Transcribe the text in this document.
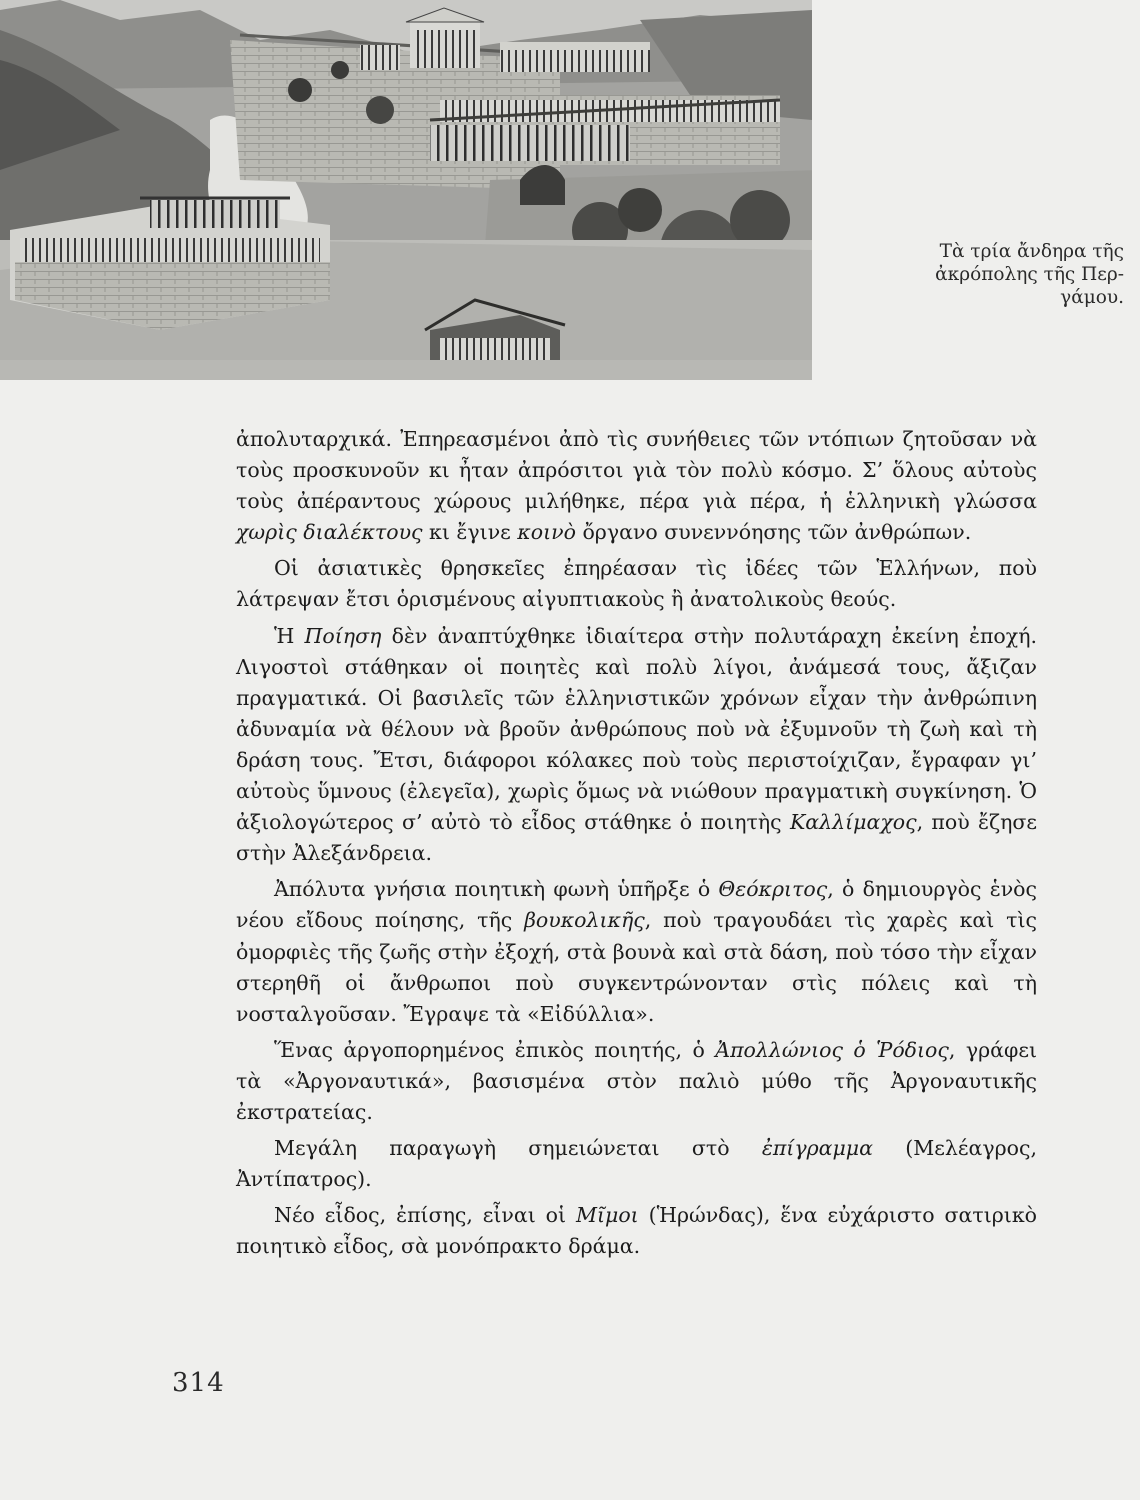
Τὰ τρία ἄνδηρα τῆς
ἀκρόπολης τῆς Περ-
γάμου.

ἀπολυταρχικά. Ἐπηρεασμένοι ἀπὸ τὶς συνήθειες τῶν ντόπιων ζητοῦσαν νὰ τοὺς προσκυνοῦν κι ἦταν ἀπρόσιτοι γιὰ τὸν πολὺ κόσμο. Σ’ ὅλους αὐτοὺς τοὺς ἀπέραντους χώρους μιλήθηκε, πέρα γιὰ πέρα, ἡ ἑλληνικὴ γλώσσα χωρὶς διαλέκτους κι ἔγινε κοινὸ ὄργανο συνεννόησης τῶν ἀνθρώπων.

Οἱ ἀσιατικὲς θρησκεῖες ἐπηρέασαν τὶς ἰδέες τῶν Ἑλλήνων, ποὺ λάτρεψαν ἔτσι ὁρισμένους αἰγυπτιακοὺς ἢ ἀνατολικοὺς θεούς.

Ἡ Ποίηση δὲν ἀναπτύχθηκε ἰδιαίτερα στὴν πολυτάραχη ἐκείνη ἐποχή. Λιγοστοὶ στάθηκαν οἱ ποιητὲς καὶ πολὺ λίγοι, ἀνάμεσά τους, ἄξιζαν πραγματικά. Οἱ βασιλεῖς τῶν ἑλληνιστικῶν χρόνων εἶχαν τὴν ἀνθρώπινη ἀδυναμία νὰ θέλουν νὰ βροῦν ἀνθρώπους ποὺ νὰ ἐξυμνοῦν τὴ ζωὴ καὶ τὴ δράση τους. Ἔτσι, διάφοροι κόλακες ποὺ τοὺς περιστοίχιζαν, ἔγραφαν γι’ αὐτοὺς ὕμνους (ἐλεγεῖα), χωρὶς ὅμως νὰ νιώθουν πραγματικὴ συγκίνηση. Ὁ ἀξιολογώτερος σ’ αὐτὸ τὸ εἶδος στάθηκε ὁ ποιητὴς Καλλίμαχος, ποὺ ἔζησε στὴν Ἀλεξάνδρεια.

Ἀπόλυτα γνήσια ποιητικὴ φωνὴ ὑπῆρξε ὁ Θεόκριτος, ὁ δημιουργὸς ἑνὸς νέου εἴδους ποίησης, τῆς βουκολικῆς, ποὺ τραγουδάει τὶς χαρὲς καὶ τὶς ὀμορφιὲς τῆς ζωῆς στὴν ἐξοχή, στὰ βουνὰ καὶ στὰ δάση, ποὺ τόσο τὴν εἶχαν στερηθῆ οἱ ἄνθρωποι ποὺ συγκεντρώνονταν στὶς πόλεις καὶ τὴ νοσταλγοῦσαν. Ἔγραψε τὰ «Εἰδύλλια».

Ἕνας ἀργοπορημένος ἐπικὸς ποιητής, ὁ Ἀπολλώνιος ὁ Ῥόδιος, γράφει τὰ «Ἀργοναυτικά», βασισμένα στὸν παλιὸ μύθο τῆς Ἀργοναυτικῆς ἐκστρατείας.

Μεγάλη παραγωγὴ σημειώνεται στὸ ἐπίγραμμα (Μελέαγρος, Ἀντίπατρος).

Νέο εἶδος, ἐπίσης, εἶναι οἱ Μῖμοι (Ἡρώνδας), ἕνα εὐχάριστο σατιρικὸ ποιητικὸ εἶδος, σὰ μονόπρακτο δράμα.

314
